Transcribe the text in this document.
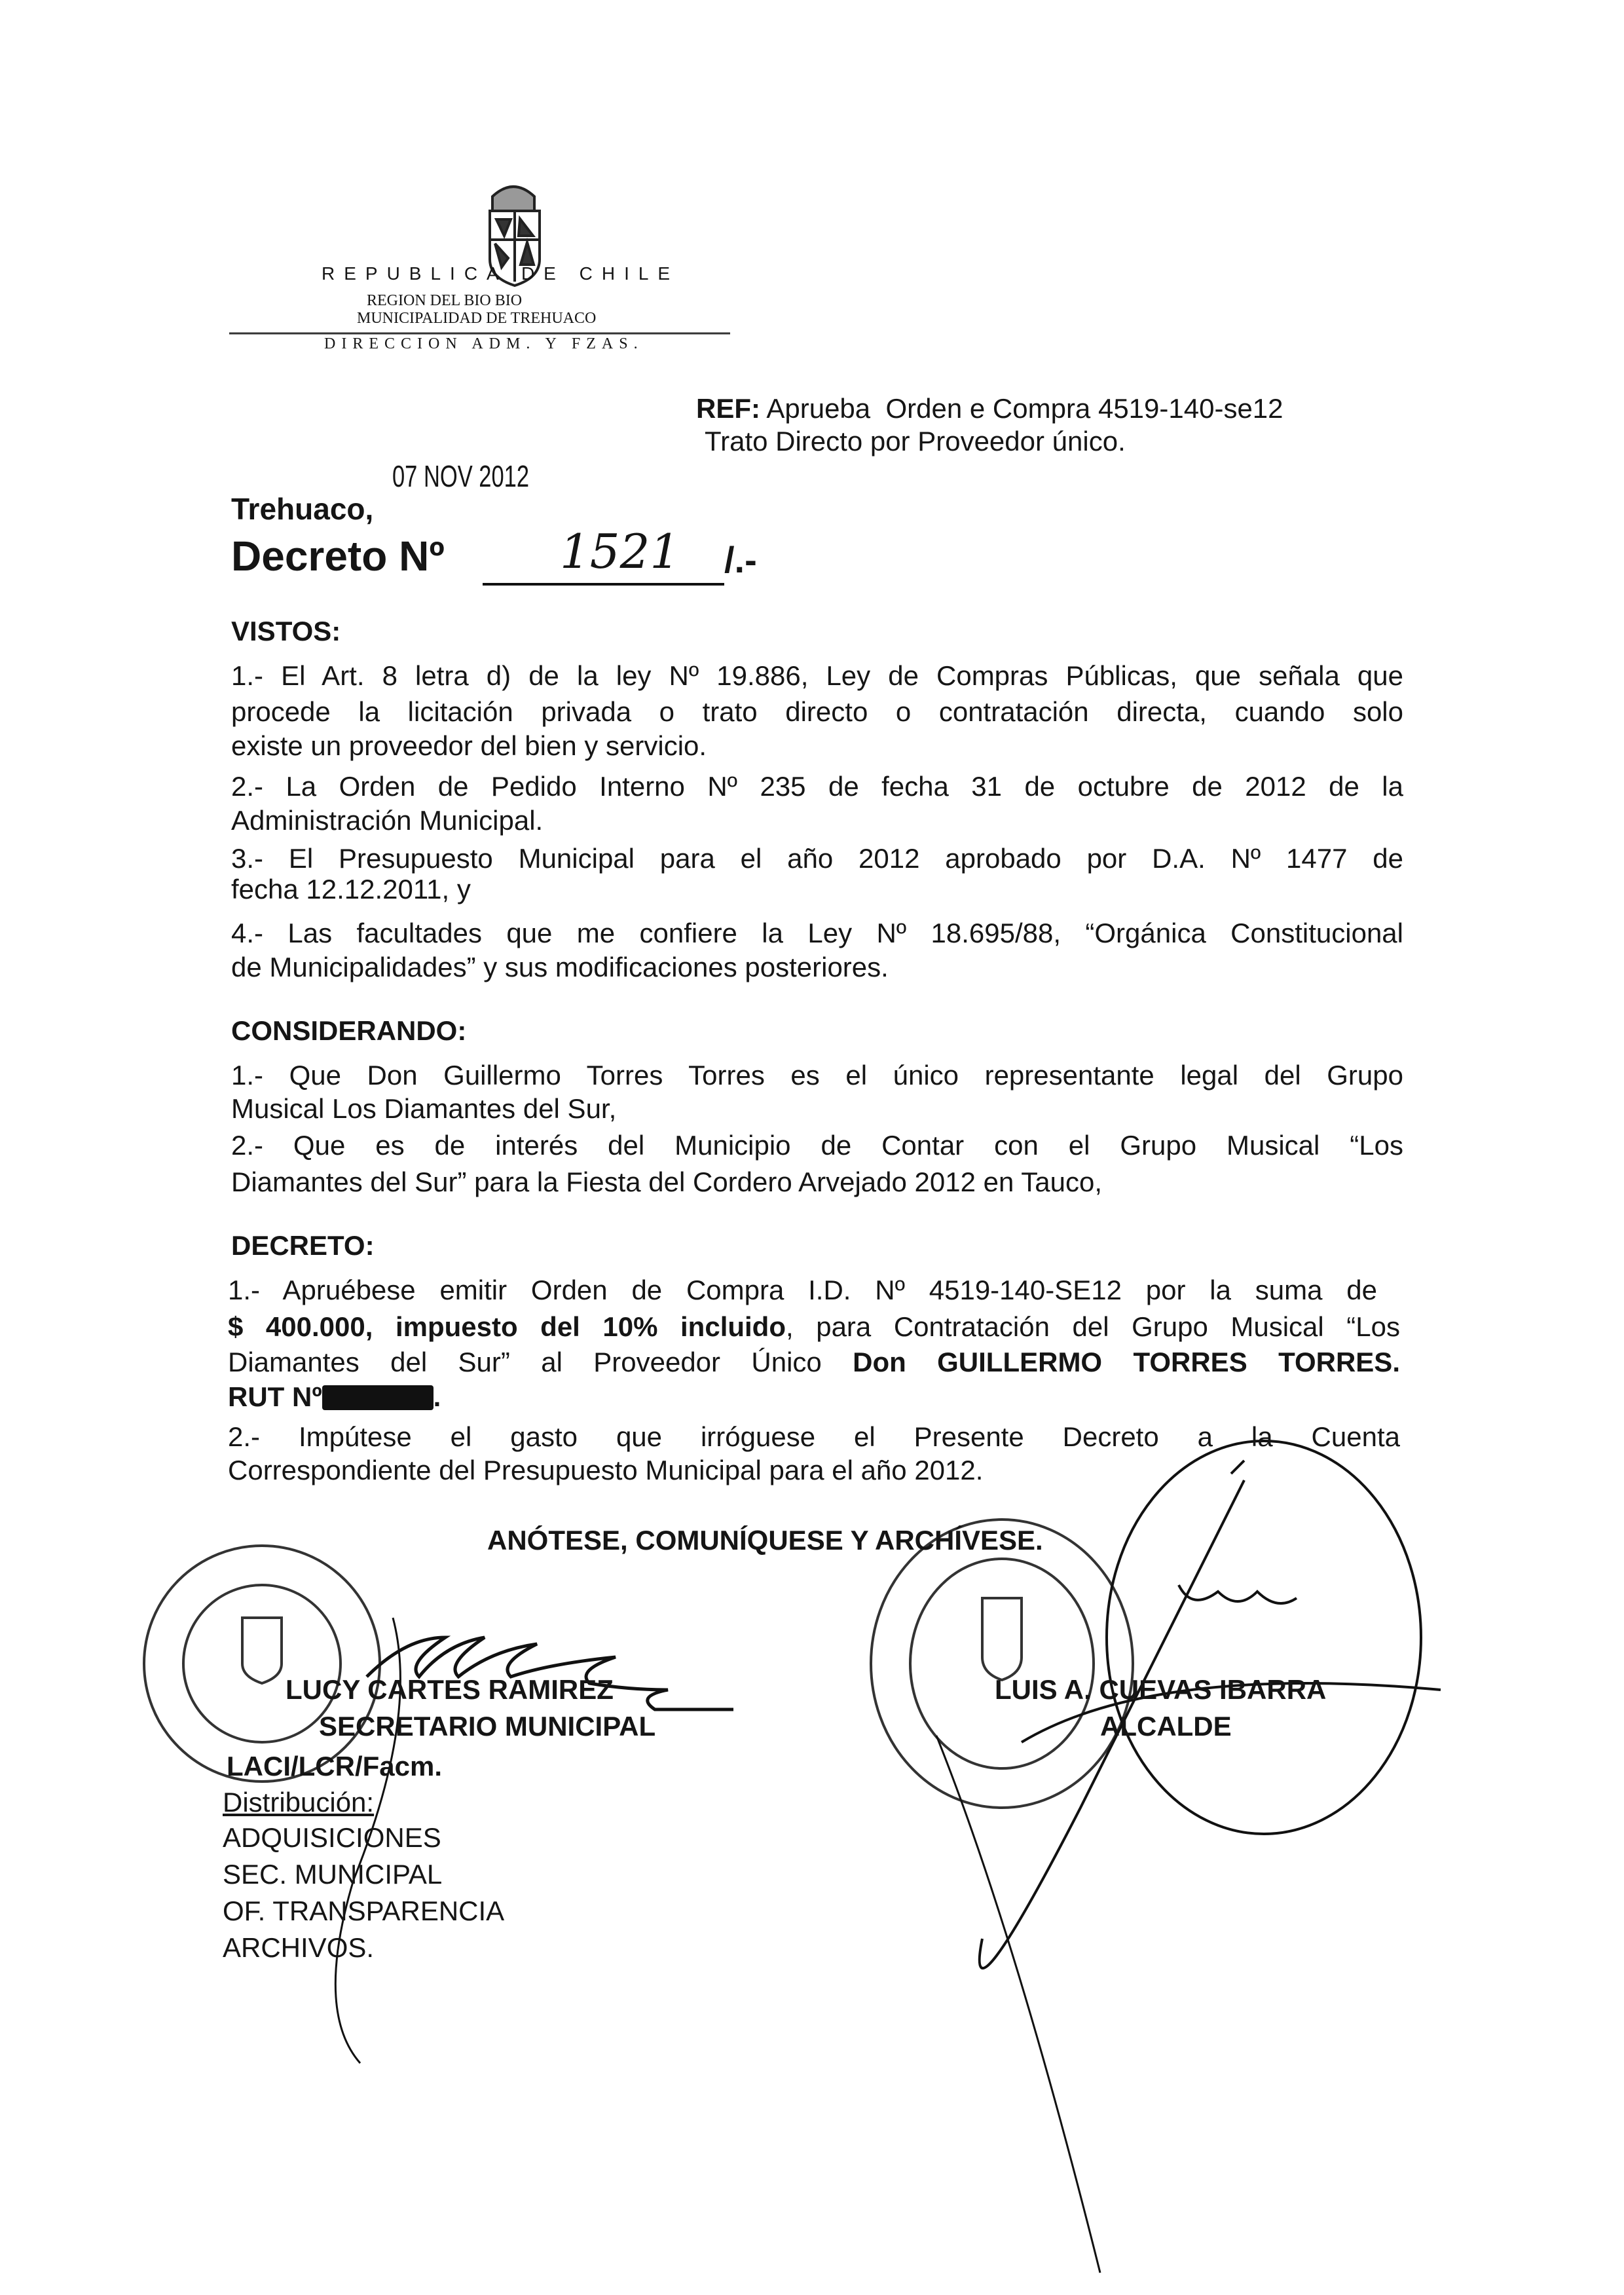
REPUBLICA DE CHILE
REGION DEL BIO BIO
MUNICIPALIDAD DE TREHUACO
DIRECCION ADM. Y FZAS.
REF: Aprueba  Orden e Compra 4519-140-se12
Trato Directo por Proveedor único.
07 NOV 2012
Trehuaco,
Decreto Nº 1521 /.-
VISTOS:
1.- El Art. 8 letra d) de la ley Nº 19.886, Ley de Compras Públicas, que señala que
procede la licitación privada o trato directo o contratación directa, cuando solo
existe un proveedor del bien y servicio.
2.- La Orden de Pedido Interno Nº 235 de fecha 31 de octubre de 2012 de la
Administración Municipal.
3.- El Presupuesto Municipal para el año 2012 aprobado por D.A. Nº 1477 de
fecha 12.12.2011, y
4.- Las facultades que me confiere la Ley Nº 18.695/88, “Orgánica Constitucional
de Municipalidades” y sus modificaciones posteriores.
CONSIDERANDO:
1.- Que Don Guillermo Torres Torres es el único representante legal del Grupo
Musical Los Diamantes del Sur,
2.- Que es de interés del Municipio de Contar con el Grupo Musical “Los
Diamantes del Sur” para la Fiesta del Cordero Arvejado 2012 en Tauco,
DECRETO:
1.- Apruébese emitir Orden de Compra I.D. Nº 4519-140-SE12 por la suma de
$ 400.000, impuesto del 10% incluido, para Contratación del Grupo Musical “Los
Diamantes del Sur” al Proveedor Único Don GUILLERMO TORRES TORRES.
RUT Nº	.
2.- Impútese el gasto que irróguese el Presente Decreto a la Cuenta
Correspondiente del Presupuesto Municipal para el año 2012.
ANÓTESE, COMUNÍQUESE Y ARCHÍVESE.
LUCY CARTES RAMIREZ
SECRETARIO MUNICIPAL
LUIS A. CUEVAS IBARRA
ALCALDE
LACI/LCR/Facm.
Distribución:
ADQUISICIONES
SEC. MUNICIPAL
OF. TRANSPARENCIA
ARCHIVOS.
